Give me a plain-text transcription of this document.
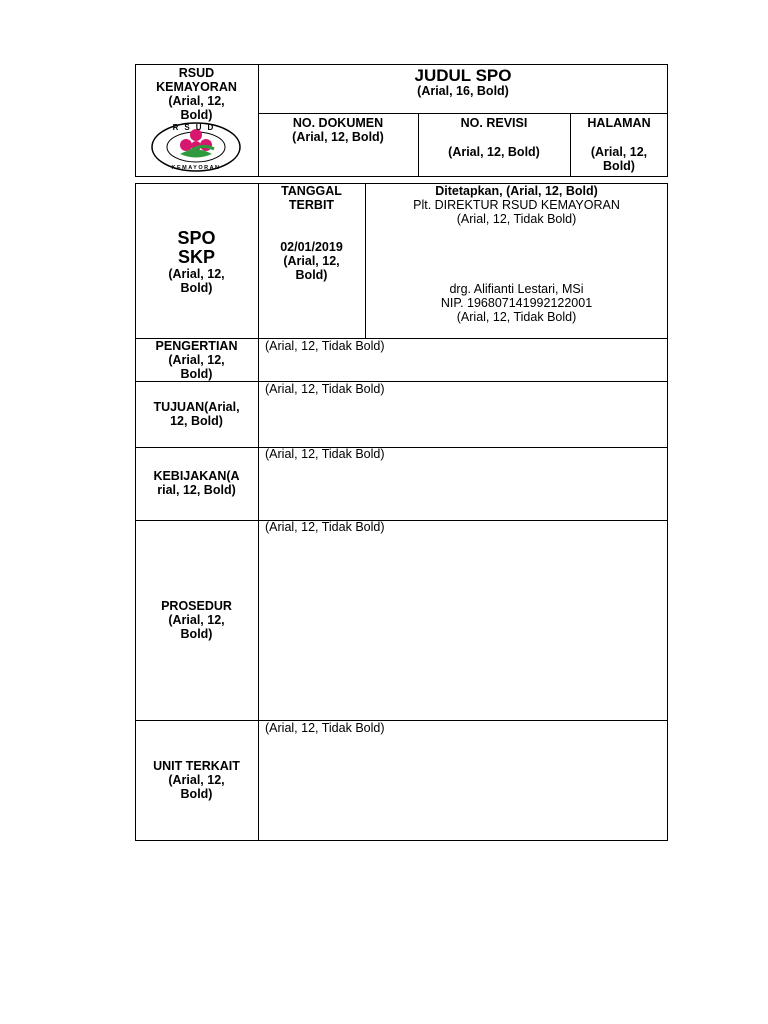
RSUD
KEMAYORAN
(Arial, 12,
Bold)
RSUD
KEMAYORAN
JUDUL SPO
(Arial, 16, Bold)
NO. DOKUMEN
(Arial, 12, Bold)
NO. REVISI
(Arial, 12, Bold)
HALAMAN
(Arial, 12,
Bold)
SPO
SKP
(Arial, 12,
Bold)
TANGGAL
TERBIT
02/01/2019
(Arial, 12,
Bold)
Ditetapkan, (Arial, 12, Bold)
Plt. DIREKTUR RSUD KEMAYORAN
(Arial, 12, Tidak Bold)
drg. Alifianti Lestari, MSi
NIP. 196807141992122001
(Arial, 12, Tidak Bold)
PENGERTIAN
(Arial, 12,
Bold)
(Arial, 12, Tidak Bold)
TUJUAN(Arial,
12, Bold)
(Arial, 12, Tidak Bold)
KEBIJAKAN(A
rial, 12, Bold)
(Arial, 12, Tidak Bold)
PROSEDUR
(Arial, 12,
Bold)
(Arial, 12, Tidak Bold)
UNIT TERKAIT
(Arial, 12,
Bold)
(Arial, 12, Tidak Bold)
